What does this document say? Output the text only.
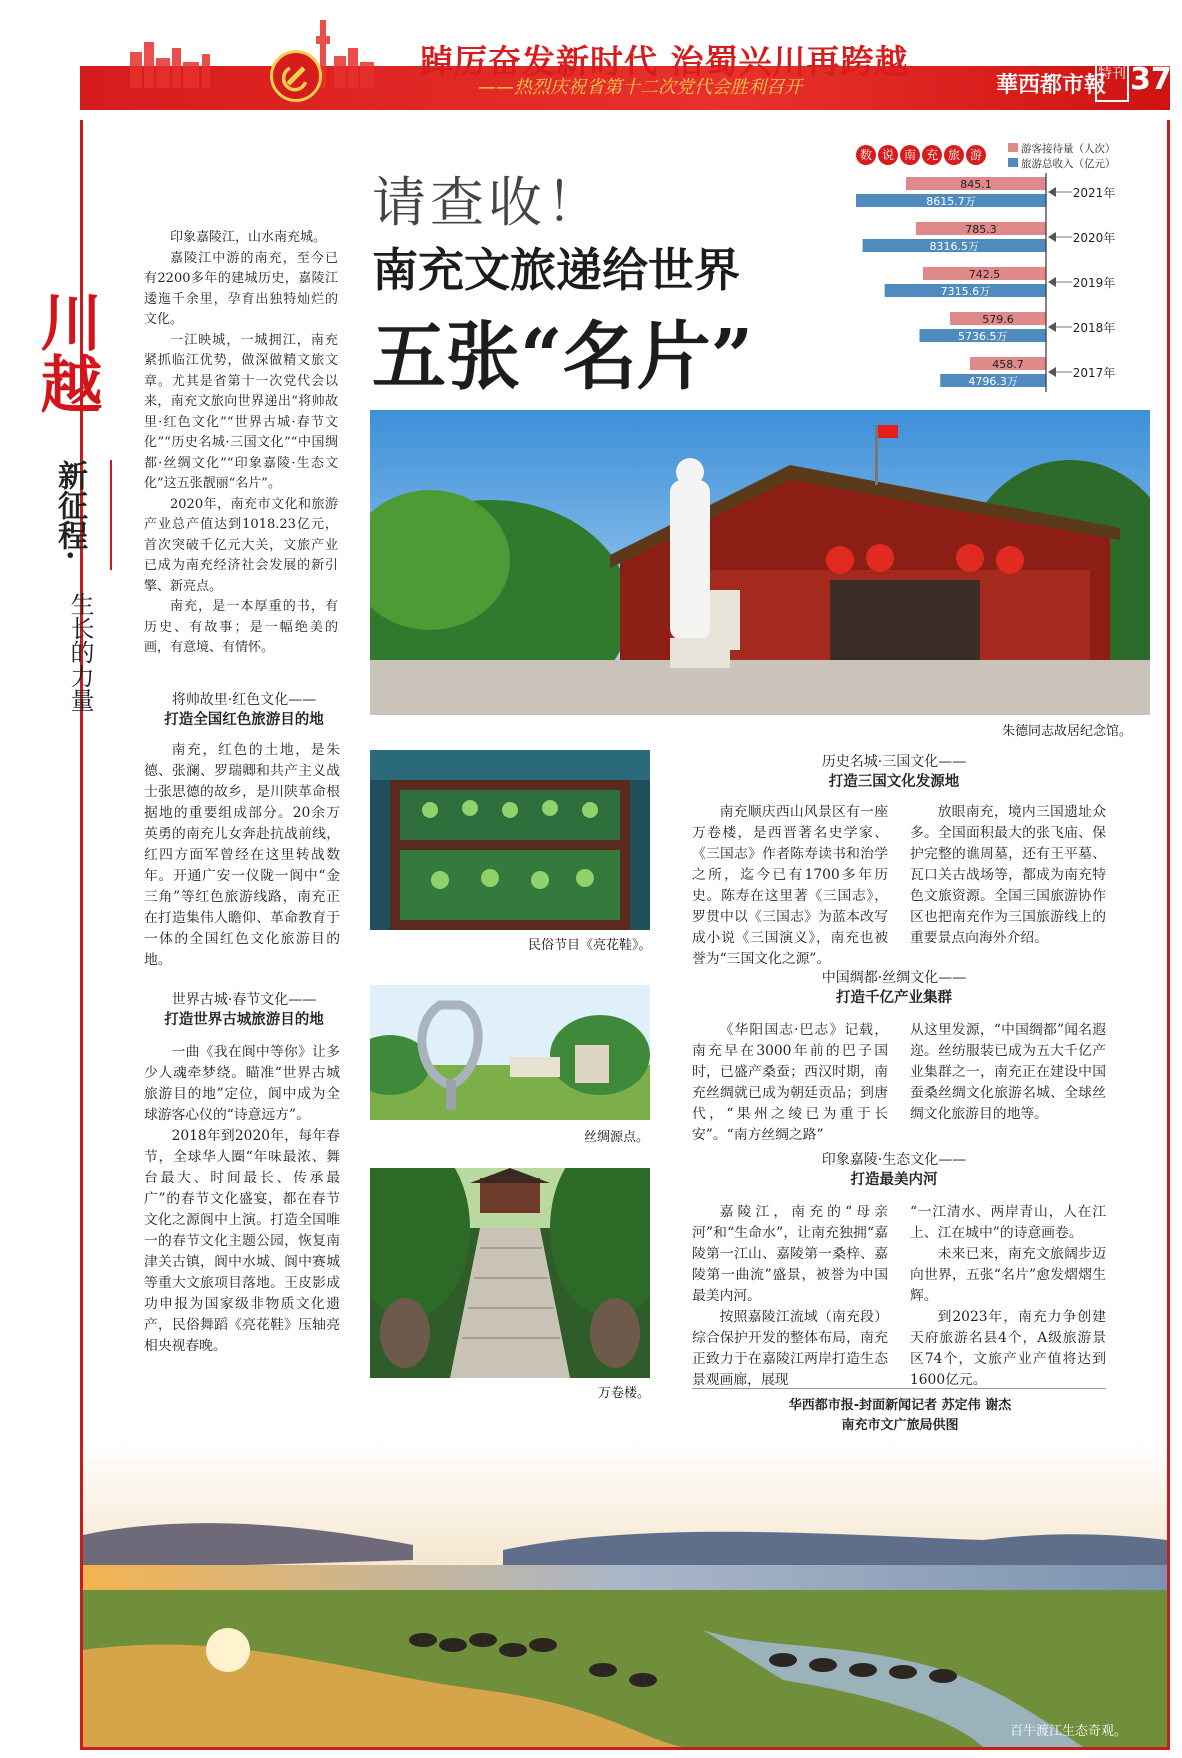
踔厉奋发新时代 治蜀兴川再跨越
——热烈庆祝省第十二次党代会胜利召开	華西都市報
特刊 37
2022年5月27日 星期五 责编 龚爱秋 版式 詹红霞 总检 张浩
川越
新征程·
生长的力量
请查收！
南充文旅递给世界
五张“名片”

印象嘉陵江，山水南充城。

嘉陵江中游的南充，至今已有2200多年的建城历史，嘉陵江逶迤千余里，孕育出独特灿烂的文化。

一江映城，一城拥江，南充紧抓临江优势，做深做精文旅文章。尤其是省第十一次党代会以来，南充文旅向世界递出“将帅故里·红色文化”“世界古城·春节文化”“历史名城·三国文化”“中国绸都·丝绸文化”“印象嘉陵·生态文化”这五张靓丽“名片”。

2020年，南充市文化和旅游产业总产值达到1018.23亿元，首次突破千亿元大关，文旅产业已成为南充经济社会发展的新引擎、新亮点。

南充，是一本厚重的书，有历史、有故事；是一幅绝美的画，有意境、有情怀。

数 说 南 充 旅 游	游客接待量（人次）
旅游总收入（亿元）
845.1
8615.7万
2021年
785.3
8316.5万
2020年
742.5
7315.6万
2019年
579.6
5736.5万
2018年
458.7
4796.3万
2017年
朱德同志故居纪念馆。
将帅故里·红色文化——
打造全国红色旅游目的地

南充，红色的土地，是朱德、张澜、罗瑞卿和共产主义战士张思德的故乡，是川陕革命根据地的重要组成部分。20余万英勇的南充儿女奔赴抗战前线，红四方面军曾经在这里转战数年。开通广安一仪陇一阆中“金三角”等红色旅游线路，南充正在打造集伟人瞻仰、革命教育于一体的全国红色文化旅游目的地。

世界古城·春节文化——
打造世界古城旅游目的地

一曲《我在阆中等你》让多少人魂牵梦绕。瞄准“世界古城旅游目的地”定位，阆中成为全球游客心仪的“诗意远方”。

2018年到2020年，每年春节，全球华人圈“年味最浓、舞台最大、时间最长、传承最广”的春节文化盛宴，都在春节文化之源阆中上演。打造全国唯一的春节文化主题公园，恢复南津关古镇，阆中水城、阆中赛城等重大文旅项目落地。王皮影成功申报为国家级非物质文化遗产，民俗舞蹈《亮花鞋》压轴亮相央视春晚。

民俗节目《亮花鞋》。
丝绸源点。
万卷楼。
历史名城·三国文化——
打造三国文化发源地

南充顺庆西山风景区有一座万卷楼，是西晋著名史学家、《三国志》作者陈寿读书和治学之所，迄今已有1700多年历史。陈寿在这里著《三国志》，罗贯中以《三国志》为蓝本改写成小说《三国演义》，南充也被誉为“三国文化之源”。

放眼南充，境内三国遗址众多。全国面积最大的张飞庙、保护完整的谯周墓，还有王平墓、瓦口关古战场等，都成为南充特色文旅资源。全国三国旅游协作区也把南充作为三国旅游线上的重要景点向海外介绍。

中国绸都·丝绸文化——
打造千亿产业集群

《华阳国志·巴志》记载，南充早在3000年前的巴子国时，已盛产桑蚕；西汉时期，南充丝绸就已成为朝廷贡品；到唐代，“果州之绫已为重于长安”。“南方丝绸之路”

从这里发源，“中国绸都”闻名遐迩。丝纺服装已成为五大千亿产业集群之一，南充正在建设中国蚕桑丝绸文化旅游名城、全球丝绸文化旅游目的地等。

印象嘉陵·生态文化——
打造最美内河

嘉陵江，南充的“母亲河”和“生命水”，让南充独拥“嘉陵第一江山、嘉陵第一桑梓、嘉陵第一曲流”盛景，被誉为中国最美内河。

按照嘉陵江流域（南充段）综合保护开发的整体布局，南充正致力于在嘉陵江两岸打造生态景观画廊，展现

“一江清水、两岸青山，人在江上、江在城中”的诗意画卷。

未来已来，南充文旅阔步迈向世界，五张“名片”愈发熠熠生辉。

到2023年，南充力争创建天府旅游名县4个，A级旅游景区74个，文旅产业产值将达到1600亿元。

华西都市报-封面新闻记者 苏定伟 谢杰
南充市文广旅局供图
百牛渡江生态奇观。
